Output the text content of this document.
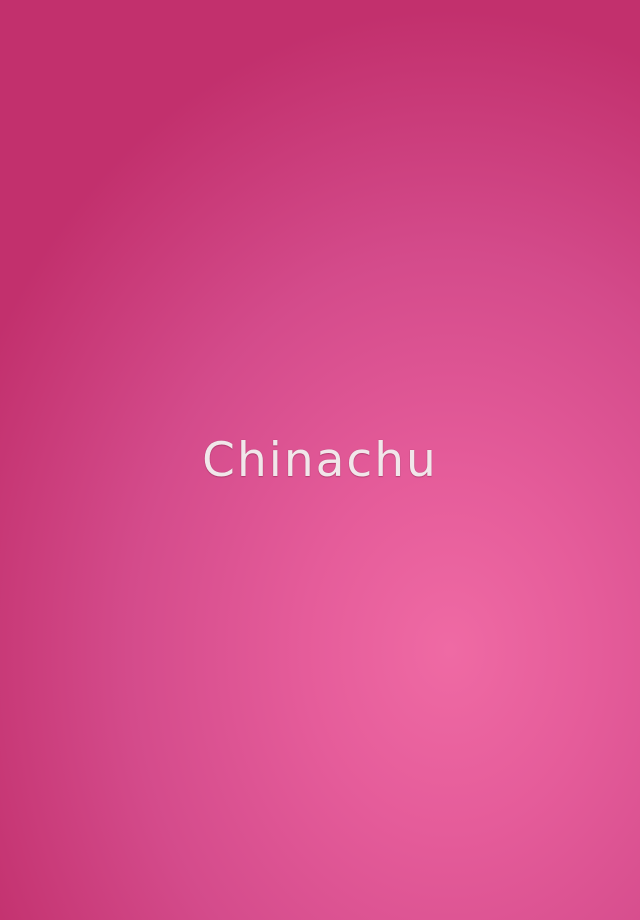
Chinachu
